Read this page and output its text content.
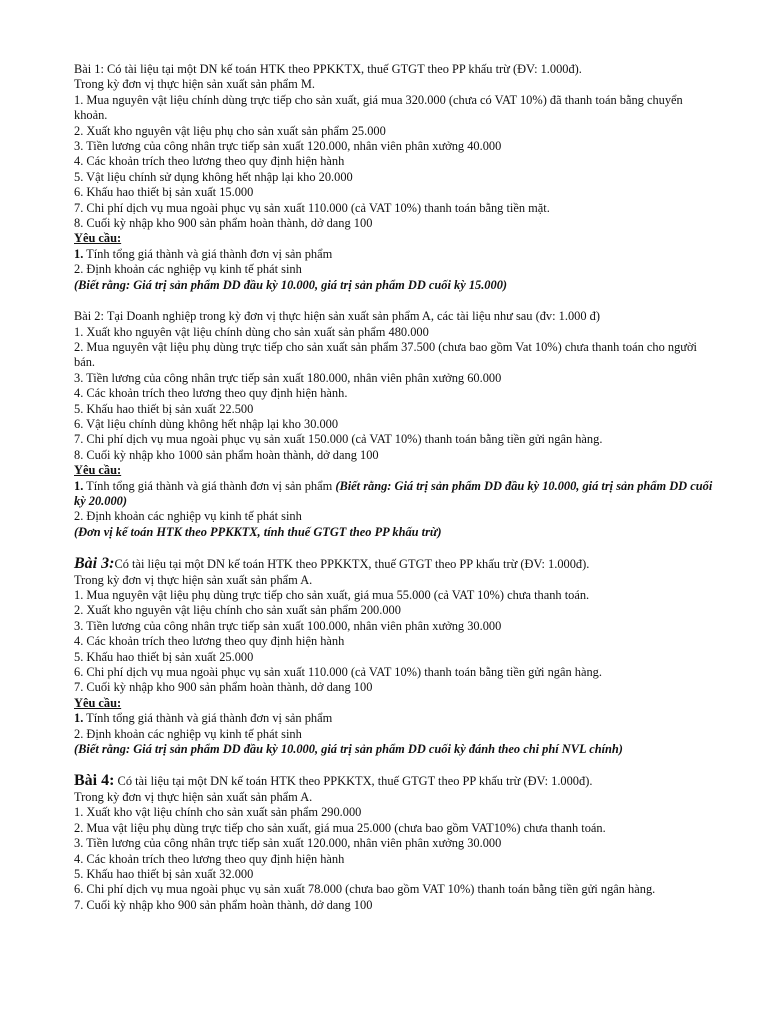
Bài 1: Có tài liệu tại một DN kế toán HTK theo PPKKTX, thuế GTGT theo PP khấu trừ (ĐV: 1.000đ).
Trong kỳ đơn vị thực hiện sản xuất sản phẩm M.
1. Mua nguyên vật liệu chính dùng trực tiếp cho sản xuất, giá mua 320.000 (chưa có VAT 10%) đã thanh toán bằng chuyển khoản.
2. Xuất kho nguyên vật liệu phụ cho sản xuất sản phẩm 25.000
3. Tiền lương của công nhân trực tiếp sản xuất 120.000, nhân viên phân xưởng 40.000
4. Các khoản trích theo lương theo quy định hiện hành
5. Vật liệu chính sử dụng không hết nhập lại kho 20.000
6. Khấu hao thiết bị sản xuất 15.000
7. Chi phí dịch vụ mua ngoài phục vụ sản xuất 110.000 (cả VAT 10%) thanh toán bằng tiền mặt.
8. Cuối kỳ nhập kho 900 sản phẩm hoàn thành, dở dang 100
Yêu cầu:
1. Tính tổng giá thành và giá thành đơn vị sản phẩm
2. Định khoản các nghiệp vụ kinh tế phát sinh
(Biết rằng: Giá trị sản phẩm DD đầu kỳ 10.000, giá trị sản phẩm DD cuối kỳ 15.000)
Bài 2: Tại Doanh nghiệp trong kỳ đơn vị thực hiện sản xuất sản phẩm A, các tài liệu như sau (đv: 1.000 đ)
1. Xuất kho nguyên vật liệu chính dùng cho sản xuất sản phẩm 480.000
2. Mua nguyên vật liệu phụ dùng trực tiếp cho sản xuất sản phẩm 37.500 (chưa bao gồm Vat 10%) chưa thanh toán cho người bán.
3. Tiền lương của công nhân trực tiếp sản xuất 180.000, nhân viên phân xưởng 60.000
4. Các khoản trích theo lương theo quy định hiện hành.
5. Khấu hao thiết bị sản xuất 22.500
6. Vật liệu chính dùng không hết nhập lại kho 30.000
7. Chi phí dịch vụ mua ngoài phục vụ sản xuất 150.000 (cả VAT 10%) thanh toán bằng tiền gửi ngân hàng.
8. Cuối kỳ nhập kho 1000 sản phẩm hoàn thành, dở dang 100
Yêu cầu:
1. Tính tổng giá thành và giá thành đơn vị sản phẩm (Biết rằng: Giá trị sản phẩm DD đầu kỳ 10.000, giá trị sản phẩm DD cuối kỳ 20.000)
2. Định khoản các nghiệp vụ kinh tế phát sinh
(Đơn vị kế toán HTK theo PPKKTX, tính thuế GTGT theo PP khấu trừ)
Bài 3:Có tài liệu tại một DN kế toán HTK theo PPKKTX, thuế GTGT theo PP khấu trừ (ĐV: 1.000đ).
Trong kỳ đơn vị thực hiện sản xuất sản phẩm A.
1. Mua nguyên vật liệu phụ dùng trực tiếp cho sản xuất, giá mua 55.000 (cả VAT 10%) chưa thanh toán.
2. Xuất kho nguyên vật liệu chính cho sản xuất sản phẩm 200.000
3. Tiền lương của công nhân trực tiếp sản xuất 100.000, nhân viên phân xưởng 30.000
4. Các khoản trích theo lương theo quy định hiện hành
5. Khấu hao thiết bị sản xuất 25.000
6. Chi phí dịch vụ mua ngoài phục vụ sản xuất 110.000 (cả VAT 10%) thanh toán bằng tiền gửi ngân hàng.
7. Cuối kỳ nhập kho 900 sản phẩm hoàn thành, dở dang 100
Yêu cầu:
1. Tính tổng giá thành và giá thành đơn vị sản phẩm
2. Định khoản các nghiệp vụ kinh tế phát sinh
(Biết rằng: Giá trị sản phẩm DD đầu kỳ 10.000, giá trị sản phẩm DD cuối kỳ đánh theo chi phí NVL chính)
Bài 4: Có tài liệu tại một DN kế toán HTK theo PPKKTX, thuế GTGT theo PP khấu trừ (ĐV: 1.000đ).
Trong kỳ đơn vị thực hiện sản xuất sản phẩm A.
1. Xuất kho vật liệu chính cho sản xuất sản phẩm 290.000
2. Mua vật liệu phụ dùng trực tiếp cho sản xuất, giá mua 25.000 (chưa bao gồm VAT10%) chưa thanh toán.
3. Tiền lương của công nhân trực tiếp sản xuất 120.000, nhân viên phân xưởng 30.000
4. Các khoản trích theo lương theo quy định hiện hành
5. Khấu hao thiết bị sản xuất 32.000
6. Chi phí dịch vụ mua ngoài phục vụ sản xuất 78.000 (chưa bao gồm VAT 10%) thanh toán bằng tiền gửi ngân hàng.
7. Cuối kỳ nhập kho 900 sản phẩm hoàn thành, dở dang 100
